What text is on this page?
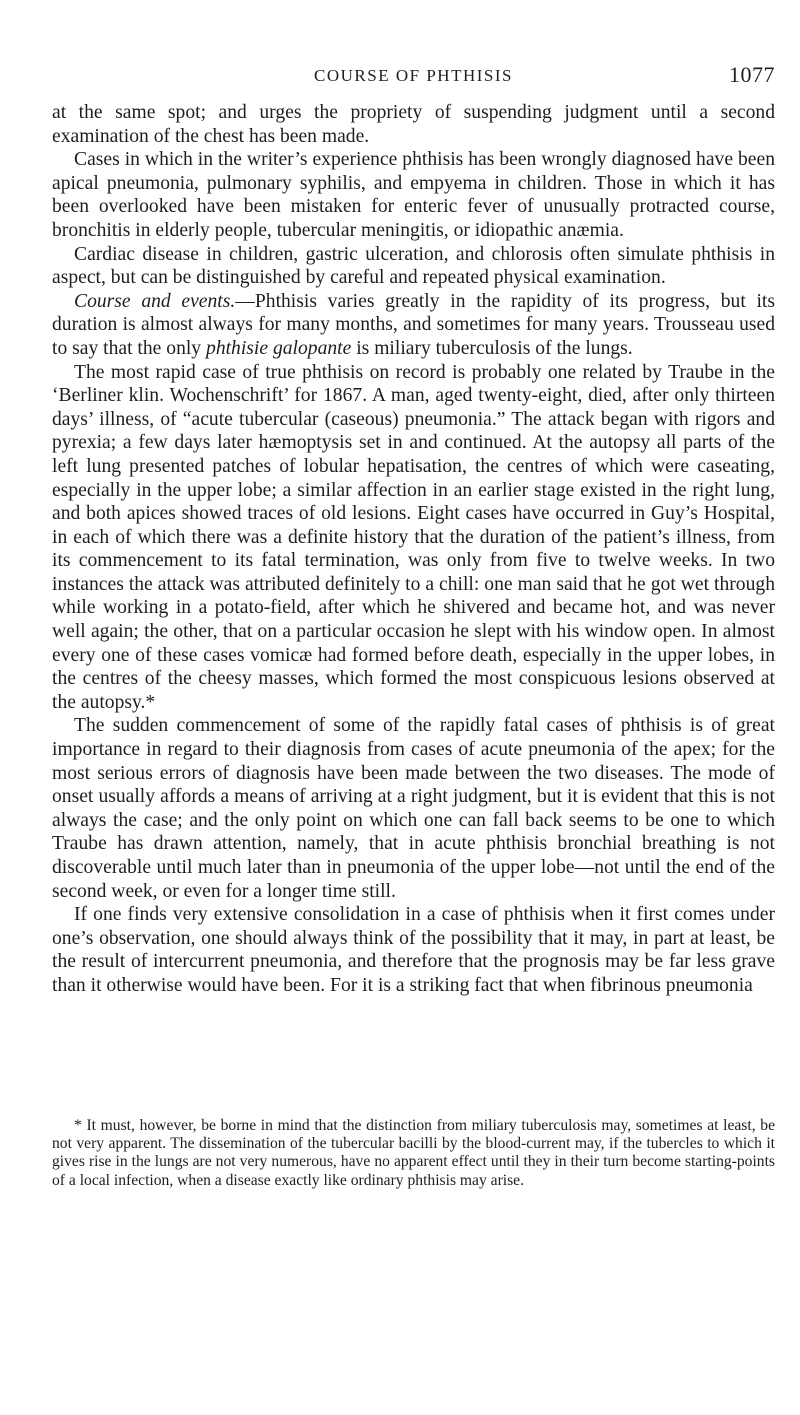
COURSE OF PHTHISIS	1077

at the same spot; and urges the propriety of suspending judgment until a second examination of the chest has been made.

Cases in which in the writer’s experience phthisis has been wrongly diagnosed have been apical pneumonia, pulmonary syphilis, and empyema in children. Those in which it has been overlooked have been mistaken for enteric fever of unusually protracted course, bronchitis in elderly people, tubercular meningitis, or idiopathic anæmia.

Cardiac disease in children, gastric ulceration, and chlorosis often simulate phthisis in aspect, but can be distinguished by careful and repeated physical examination.

Course and events.—Phthisis varies greatly in the rapidity of its progress, but its duration is almost always for many months, and sometimes for many years. Trousseau used to say that the only phthisie galopante is miliary tuberculosis of the lungs.

The most rapid case of true phthisis on record is probably one related by Traube in the ‘Berliner klin. Wochenschrift’ for 1867. A man, aged twenty-eight, died, after only thirteen days’ illness, of “acute tubercular (caseous) pneumonia.” The attack began with rigors and pyrexia; a few days later hæmoptysis set in and continued. At the autopsy all parts of the left lung presented patches of lobular hepatisation, the centres of which were caseating, especially in the upper lobe; a similar affection in an earlier stage existed in the right lung, and both apices showed traces of old lesions. Eight cases have occurred in Guy’s Hospital, in each of which there was a definite history that the duration of the patient’s illness, from its commencement to its fatal termination, was only from five to twelve weeks. In two instances the attack was attributed definitely to a chill: one man said that he got wet through while working in a potato-field, after which he shivered and became hot, and was never well again; the other, that on a particular occasion he slept with his window open. In almost every one of these cases vomicæ had formed before death, especially in the upper lobes, in the centres of the cheesy masses, which formed the most conspicuous lesions observed at the autopsy.*

The sudden commencement of some of the rapidly fatal cases of phthisis is of great importance in regard to their diagnosis from cases of acute pneumonia of the apex; for the most serious errors of diagnosis have been made between the two diseases. The mode of onset usually affords a means of arriving at a right judgment, but it is evident that this is not always the case; and the only point on which one can fall back seems to be one to which Traube has drawn attention, namely, that in acute phthisis bronchial breathing is not discoverable until much later than in pneumonia of the upper lobe—not until the end of the second week, or even for a longer time still.

If one finds very extensive consolidation in a case of phthisis when it first comes under one’s observation, one should always think of the possibility that it may, in part at least, be the result of intercurrent pneumonia, and therefore that the prognosis may be far less grave than it otherwise would have been. For it is a striking fact that when fibrinous pneumonia

* It must, however, be borne in mind that the distinction from miliary tuberculosis may, sometimes at least, be not very apparent. The dissemination of the tubercular bacilli by the blood-current may, if the tubercles to which it gives rise in the lungs are not very numerous, have no apparent effect until they in their turn become starting-points of a local infection, when a disease exactly like ordinary phthisis may arise.
